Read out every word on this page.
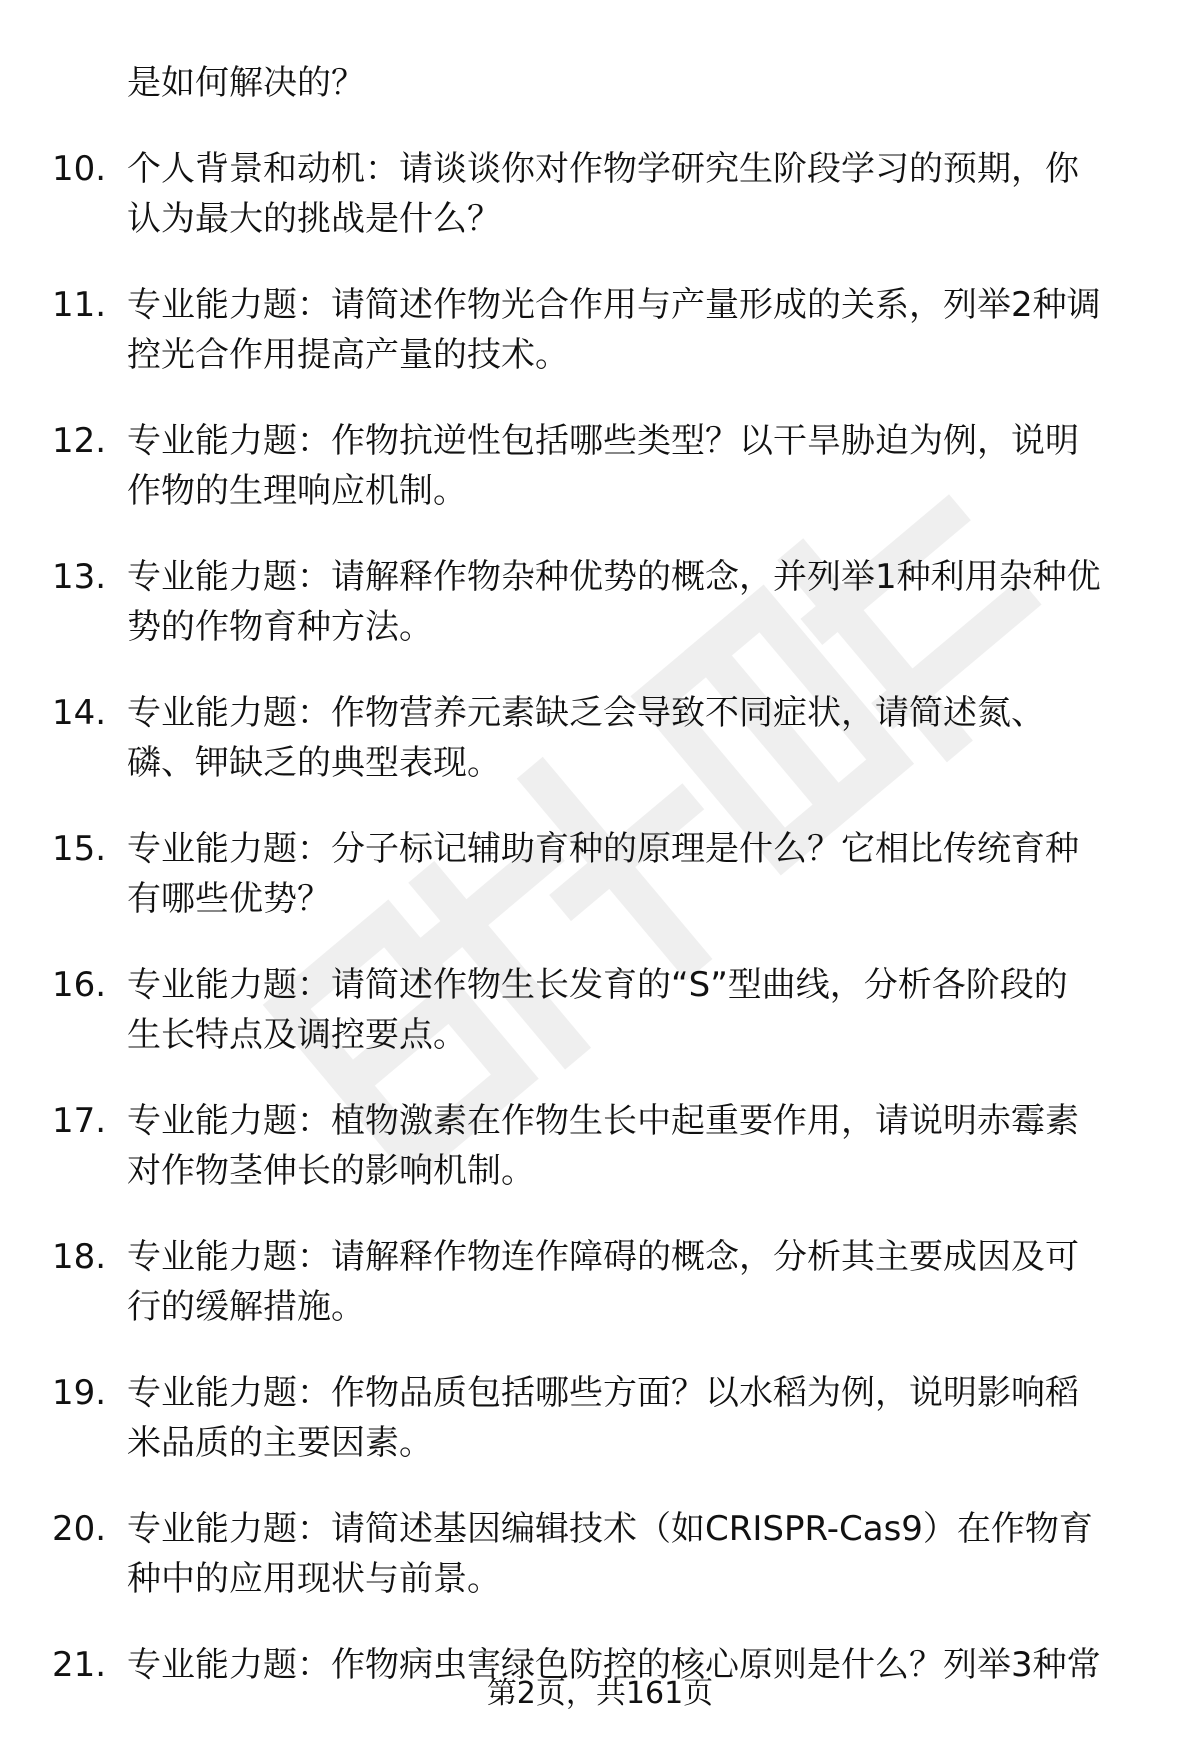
是如何解决的？
10. 个人背景和动机：请谈谈你对作物学研究生阶段学习的预期，你
认为最大的挑战是什么？
11. 专业能力题：请简述作物光合作用与产量形成的关系，列举2种调
控光合作用提高产量的技术。
12. 专业能力题：作物抗逆性包括哪些类型？以干旱胁迫为例，说明
作物的生理响应机制。
13. 专业能力题：请解释作物杂种优势的概念，并列举1种利用杂种优
势的作物育种方法。
14. 专业能力题：作物营养元素缺乏会导致不同症状，请简述氮、
磷、钾缺乏的典型表现。
15. 专业能力题：分子标记辅助育种的原理是什么？它相比传统育种
有哪些优势？
16. 专业能力题：请简述作物生长发育的“S”型曲线，分析各阶段的
生长特点及调控要点。
17. 专业能力题：植物激素在作物生长中起重要作用，请说明赤霉素
对作物茎伸长的影响机制。
18. 专业能力题：请解释作物连作障碍的概念，分析其主要成因及可
行的缓解措施。
19. 专业能力题：作物品质包括哪些方面？以水稻为例，说明影响稻
米品质的主要因素。
20. 专业能力题：请简述基因编辑技术（如CRISPR-Cas9）在作物育
种中的应用现状与前景。
21. 专业能力题：作物病虫害绿色防控的核心原则是什么？列举3种常
第2页，共161页
